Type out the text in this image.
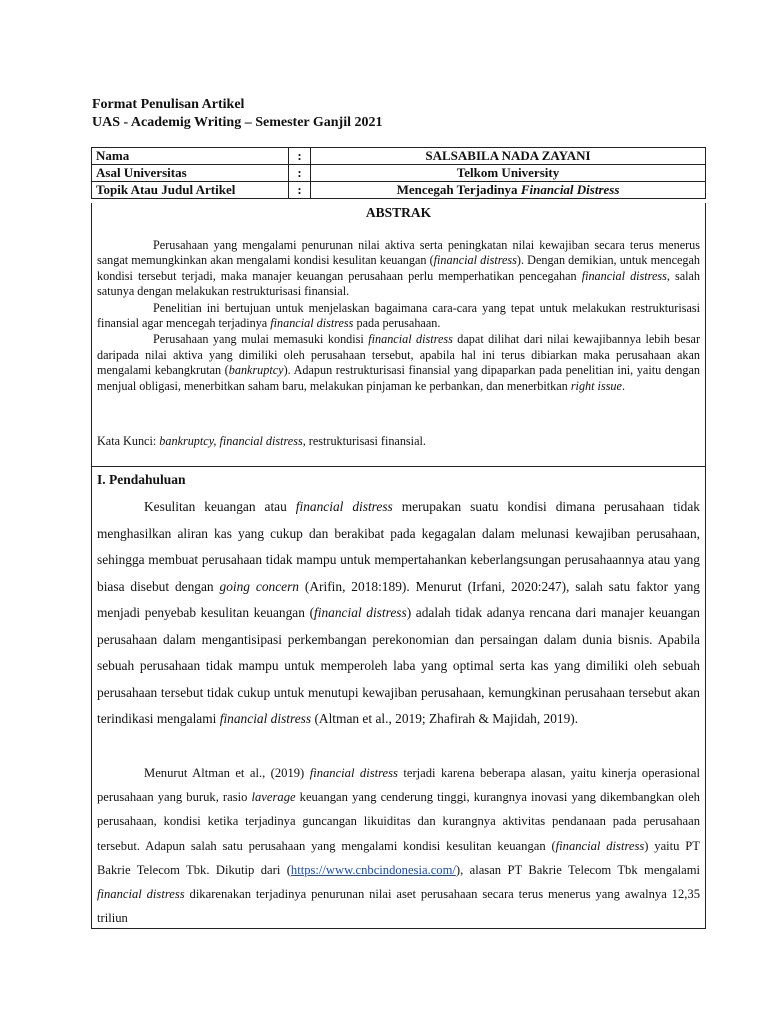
Format Penulisan Artikel
UAS - Academig Writing – Semester Ganjil 2021
Nama	:	SALSABILA NADA ZAYANI
Asal Universitas	:	Telkom University
Topik Atau Judul Artikel	:	Mencegah Terjadinya Financial Distress
ABSTRAK

Perusahaan yang mengalami penurunan nilai aktiva serta peningkatan nilai kewajiban secara terus menerus sangat memungkinkan akan mengalami kondisi kesulitan keuangan (financial distress). Dengan demikian, untuk mencegah kondisi tersebut terjadi, maka manajer keuangan perusahaan perlu memperhatikan pencegahan financial distress, salah satunya dengan melakukan restrukturisasi finansial.

Penelitian ini bertujuan untuk menjelaskan bagaimana cara-cara yang tepat untuk melakukan restrukturisasi finansial agar mencegah terjadinya financial distress pada perusahaan.

Perusahaan yang mulai memasuki kondisi financial distress dapat dilihat dari nilai kewajibannya lebih besar daripada nilai aktiva yang dimiliki oleh perusahaan tersebut, apabila hal ini terus dibiarkan maka perusahaan akan mengalami kebangkrutan (bankruptcy). Adapun restrukturisasi finansial yang dipaparkan pada penelitian ini, yaitu dengan menjual obligasi, menerbitkan saham baru, melakukan pinjaman ke perbankan, dan menerbitkan right issue.

Kata Kunci: bankruptcy, financial distress, restrukturisasi finansial.
I. Pendahuluan

Kesulitan keuangan atau financial distress merupakan suatu kondisi dimana perusahaan tidak menghasilkan aliran kas yang cukup dan berakibat pada kegagalan dalam melunasi kewajiban perusahaan, sehingga membuat perusahaan tidak mampu untuk mempertahankan keberlangsungan perusahaannya atau yang biasa disebut dengan going concern (Arifin, 2018:189). Menurut (Irfani, 2020:247), salah satu faktor yang menjadi penyebab kesulitan keuangan (financial distress) adalah tidak adanya rencana dari manajer keuangan perusahaan dalam mengantisipasi perkembangan perekonomian dan persaingan dalam dunia bisnis. Apabila sebuah perusahaan tidak mampu untuk memperoleh laba yang optimal serta kas yang dimiliki oleh sebuah perusahaan tersebut tidak cukup untuk menutupi kewajiban perusahaan, kemungkinan perusahaan tersebut akan terindikasi mengalami financial distress (Altman et al., 2019; Zhafirah & Majidah, 2019).

Menurut Altman et al., (2019) financial distress terjadi karena beberapa alasan, yaitu kinerja operasional perusahaan yang buruk, rasio laverage keuangan yang cenderung tinggi, kurangnya inovasi yang dikembangkan oleh perusahaan, kondisi ketika terjadinya guncangan likuiditas dan kurangnya aktivitas pendanaan pada perusahaan tersebut. Adapun salah satu perusahaan yang mengalami kondisi kesulitan keuangan (financial distress) yaitu PT Bakrie Telecom Tbk. Dikutip dari (https://www.cnbcindonesia.com/), alasan PT Bakrie Telecom Tbk mengalami financial distress dikarenakan terjadinya penurunan nilai aset perusahaan secara terus menerus yang awalnya 12,35 triliun
